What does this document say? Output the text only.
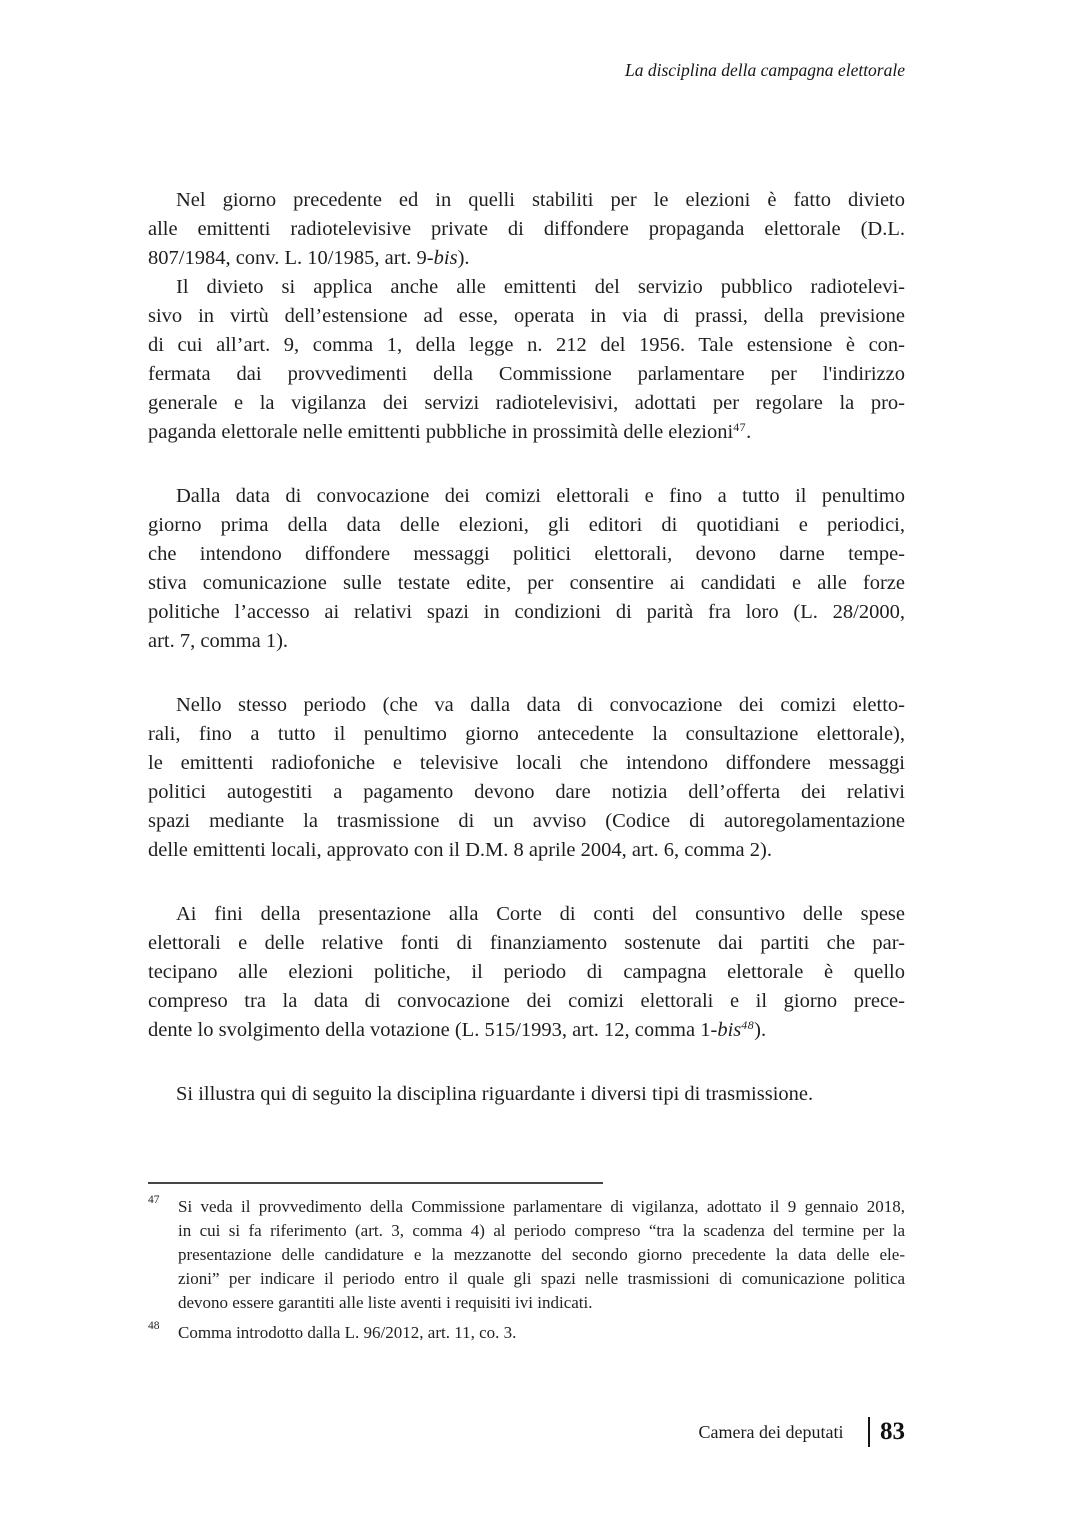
La disciplina della campagna elettorale
Nel giorno precedente ed in quelli stabiliti per le elezioni è fatto divieto
alle emittenti radiotelevisive private di diffondere propaganda elettorale (D.L.
807/1984, conv. L. 10/1985, art. 9-bis).
Il divieto si applica anche alle emittenti del servizio pubblico radiotelevi-
sivo in virtù dell’estensione ad esse, operata in via di prassi, della previsione
di cui all’art. 9, comma 1, della legge n. 212 del 1956. Tale estensione è con-
fermata dai provvedimenti della Commissione parlamentare per l'indirizzo
generale e la vigilanza dei servizi radiotelevisivi, adottati per regolare la pro-
paganda elettorale nelle emittenti pubbliche in prossimità delle elezioni$^{47}$.
Dalla data di convocazione dei comizi elettorali e fino a tutto il penultimo
giorno prima della data delle elezioni, gli editori di quotidiani e periodici,
che intendono diffondere messaggi politici elettorali, devono darne tempe-
stiva comunicazione sulle testate edite, per consentire ai candidati e alle forze
politiche l’accesso ai relativi spazi in condizioni di parità fra loro (L. 28/2000,
art. 7, comma 1).
Nello stesso periodo (che va dalla data di convocazione dei comizi eletto-
rali, fino a tutto il penultimo giorno antecedente la consultazione elettorale),
le emittenti radiofoniche e televisive locali che intendono diffondere messaggi
politici autogestiti a pagamento devono dare notizia dell’offerta dei relativi
spazi mediante la trasmissione di un avviso (Codice di autoregolamentazione
delle emittenti locali, approvato con il D.M. 8 aprile 2004, art. 6, comma 2).
Ai fini della presentazione alla Corte di conti del consuntivo delle spese
elettorali e delle relative fonti di finanziamento sostenute dai partiti che par-
tecipano alle elezioni politiche, il periodo di campagna elettorale è quello
compreso tra la data di convocazione dei comizi elettorali e il giorno prece-
dente lo svolgimento della votazione (L. 515/1993, art. 12, comma 1-bis$^{48}$).
Si illustra qui di seguito la disciplina riguardante i diversi tipi di trasmissione.
47 Si veda il provvedimento della Commissione parlamentare di vigilanza, adottato il 9 gennaio 2018,
in cui si fa riferimento (art. 3, comma 4) al periodo compreso “tra la scadenza del termine per la
presentazione delle candidature e la mezzanotte del secondo giorno precedente la data delle ele-
zioni” per indicare il periodo entro il quale gli spazi nelle trasmissioni di comunicazione politica
devono essere garantiti alle liste aventi i requisiti ivi indicati.
48 Comma introdotto dalla L. 96/2012, art. 11, co. 3.
Camera dei deputati 83
